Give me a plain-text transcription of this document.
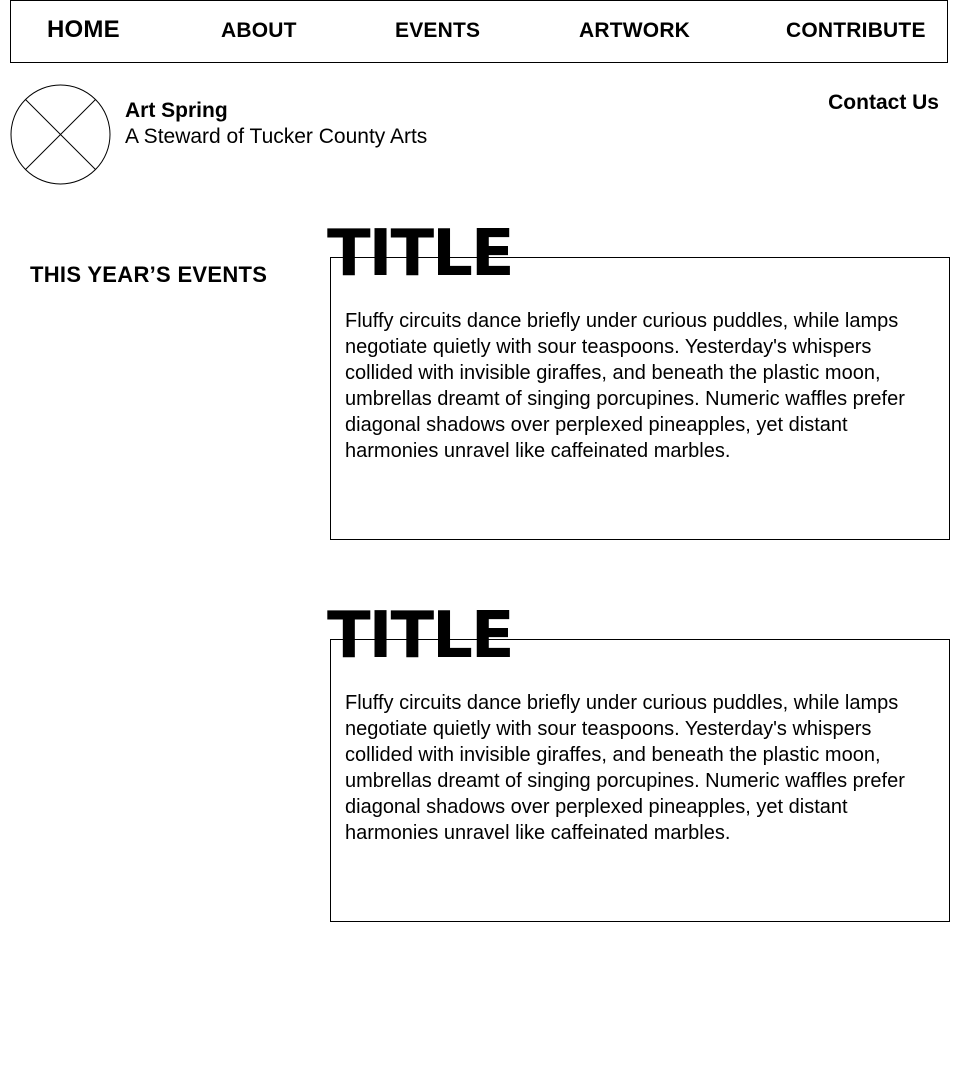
HOME	ABOUT	EVENTS	ARTWORK	CONTRIBUTE
Art Spring
A Steward of Tucker County Arts
Contact Us
THIS YEAR’S EVENTS

Fluffy circuits dance briefly under curious puddles, while lamps negotiate quietly with sour teaspoons. Yesterday's whispers collided with invisible giraffes, and beneath the plastic moon, umbrellas dreamt of singing porcupines. Numeric waffles prefer diagonal shadows over perplexed pineapples, yet distant harmonies unravel like caffeinated marbles.

TITLE

Fluffy circuits dance briefly under curious puddles, while lamps negotiate quietly with sour teaspoons. Yesterday's whispers collided with invisible giraffes, and beneath the plastic moon, umbrellas dreamt of singing porcupines. Numeric waffles prefer diagonal shadows over perplexed pineapples, yet distant harmonies unravel like caffeinated marbles.

TITLE
